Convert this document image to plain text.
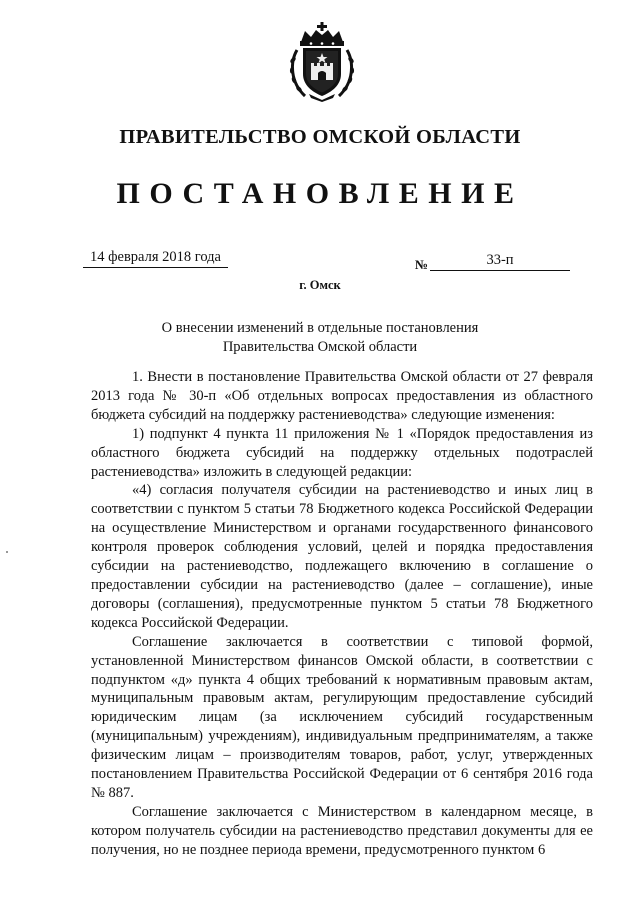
ПРАВИТЕЛЬСТВО ОМСКОЙ ОБЛАСТИ
ПОСТАНОВЛЕНИЕ
14 февраля 2018 года	№	33-п
г. Омск
О внесении изменений в отдельные постановления
Правительства Омской области

1. Внести в постановление Правительства Омской области от 27 февраля 2013 года № 30-п «Об отдельных вопросах предоставления из областного бюджета субсидий на поддержку растениеводства» следующие изменения:

1) подпункт 4 пункта 11 приложения № 1 «Порядок предоставления из областного бюджета субсидий на поддержку отдельных подотраслей растениеводства» изложить в следующей редакции:

«4) согласия получателя субсидии на растениеводство и иных лиц в соответствии с пунктом 5 статьи 78 Бюджетного кодекса Российской Федерации на осуществление Министерством и органами государственного финансового контроля проверок соблюдения условий, целей и порядка предоставления субсидии на растениеводство, подлежащего включению в соглашение о предоставлении субсидии на растениеводство (далее – соглашение), иные договоры (соглашения), предусмотренные пунктом 5 статьи 78 Бюджетного кодекса Российской Федерации.

Соглашение заключается в соответствии с типовой формой, установленной Министерством финансов Омской области, в соответствии с подпунктом «д» пункта 4 общих требований к нормативным правовым актам, муниципальным правовым актам, регулирующим предоставление субсидий юридическим лицам (за исключением субсидий государственным (муниципальным) учреждениям), индивидуальным предпринимателям, а также физическим лицам – производителям товаров, работ, услуг, утвержденных постановлением Правительства Российской Федерации от 6 сентября 2016 года № 887.

Соглашение заключается с Министерством в календарном месяце, в котором получатель субсидии на растениеводство представил документы для ее получения, но не позднее периода времени, предусмотренного пунктом 6
